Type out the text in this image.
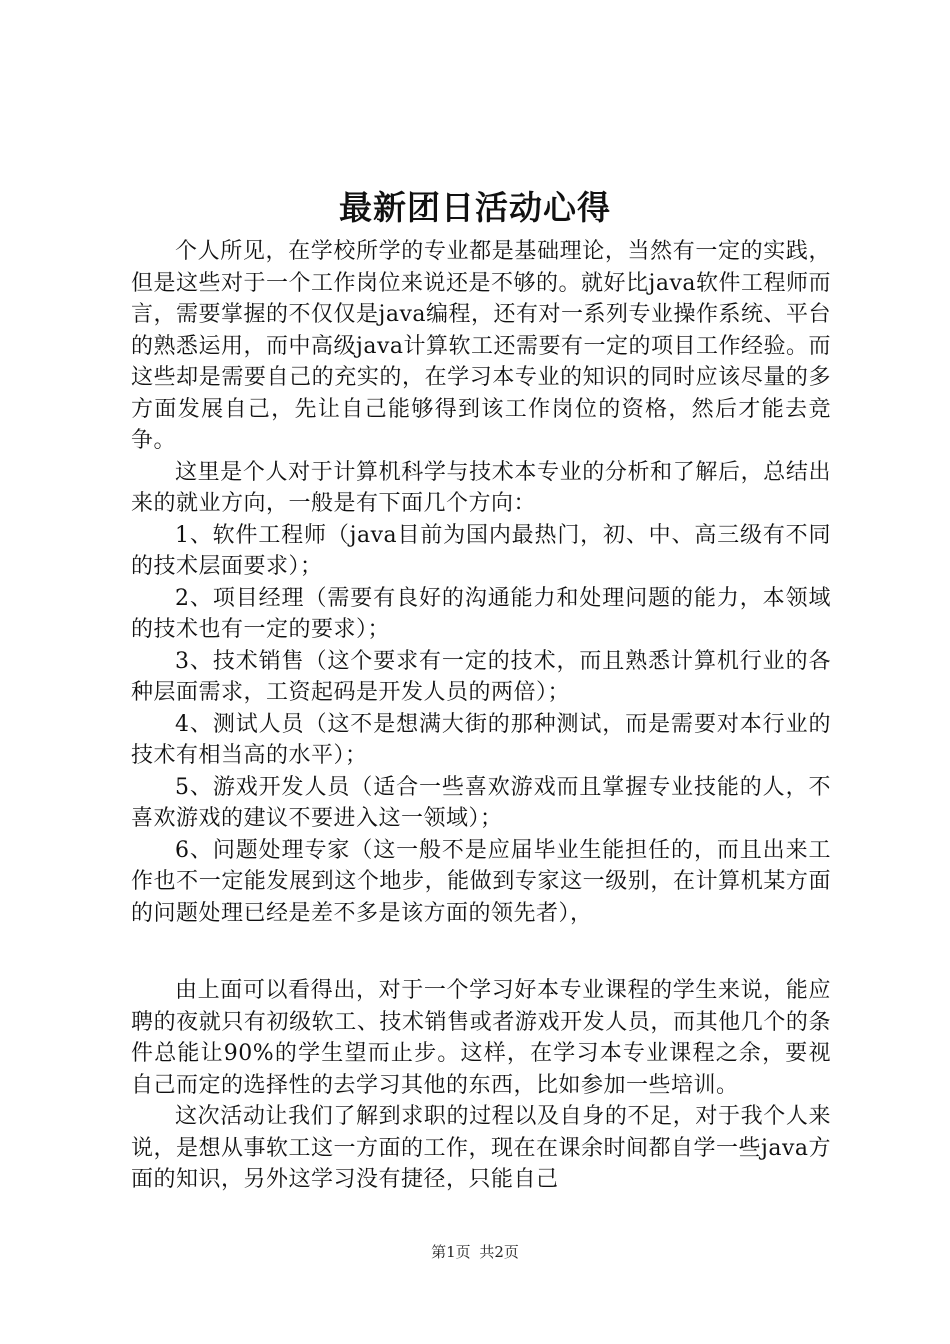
最新团日活动心得

个人所见，在学校所学的专业都是基础理论，当然有一定的实践，但是这些对于一个工作岗位来说还是不够的。就好比java软件工程师而言，需要掌握的不仅仅是java编程，还有对一系列专业操作系统、平台的熟悉运用，而中高级java计算软工还需要有一定的项目工作经验。而这些却是需要自己的充实的，在学习本专业的知识的同时应该尽量的多方面发展自己，先让自己能够得到该工作岗位的资格，然后才能去竞争。

这里是个人对于计算机科学与技术本专业的分析和了解后，总结出来的就业方向，一般是有下面几个方向：

1、软件工程师（java目前为国内最热门，初、中、高三级有不同的技术层面要求）；

2、项目经理（需要有良好的沟通能力和处理问题的能力，本领域的技术也有一定的要求）；

3、技术销售（这个要求有一定的技术，而且熟悉计算机行业的各种层面需求，工资起码是开发人员的两倍）；

4、测试人员（这不是想满大街的那种测试，而是需要对本行业的技术有相当高的水平）；

5、游戏开发人员（适合一些喜欢游戏而且掌握专业技能的人，不喜欢游戏的建议不要进入这一领域）；

6、问题处理专家（这一般不是应届毕业生能担任的，而且出来工作也不一定能发展到这个地步，能做到专家这一级别，在计算机某方面的问题处理已经是差不多是该方面的领先者），

由上面可以看得出，对于一个学习好本专业课程的学生来说，能应聘的夜就只有初级软工、技术销售或者游戏开发人员，而其他几个的条件总能让90%的学生望而止步。这样，在学习本专业课程之余，要视自己而定的选择性的去学习其他的东西，比如参加一些培训。

这次活动让我们了解到求职的过程以及自身的不足，对于我个人来说，是想从事软工这一方面的工作，现在在课余时间都自学一些java方面的知识，另外这学习没有捷径，只能自己

第1页 共2页
